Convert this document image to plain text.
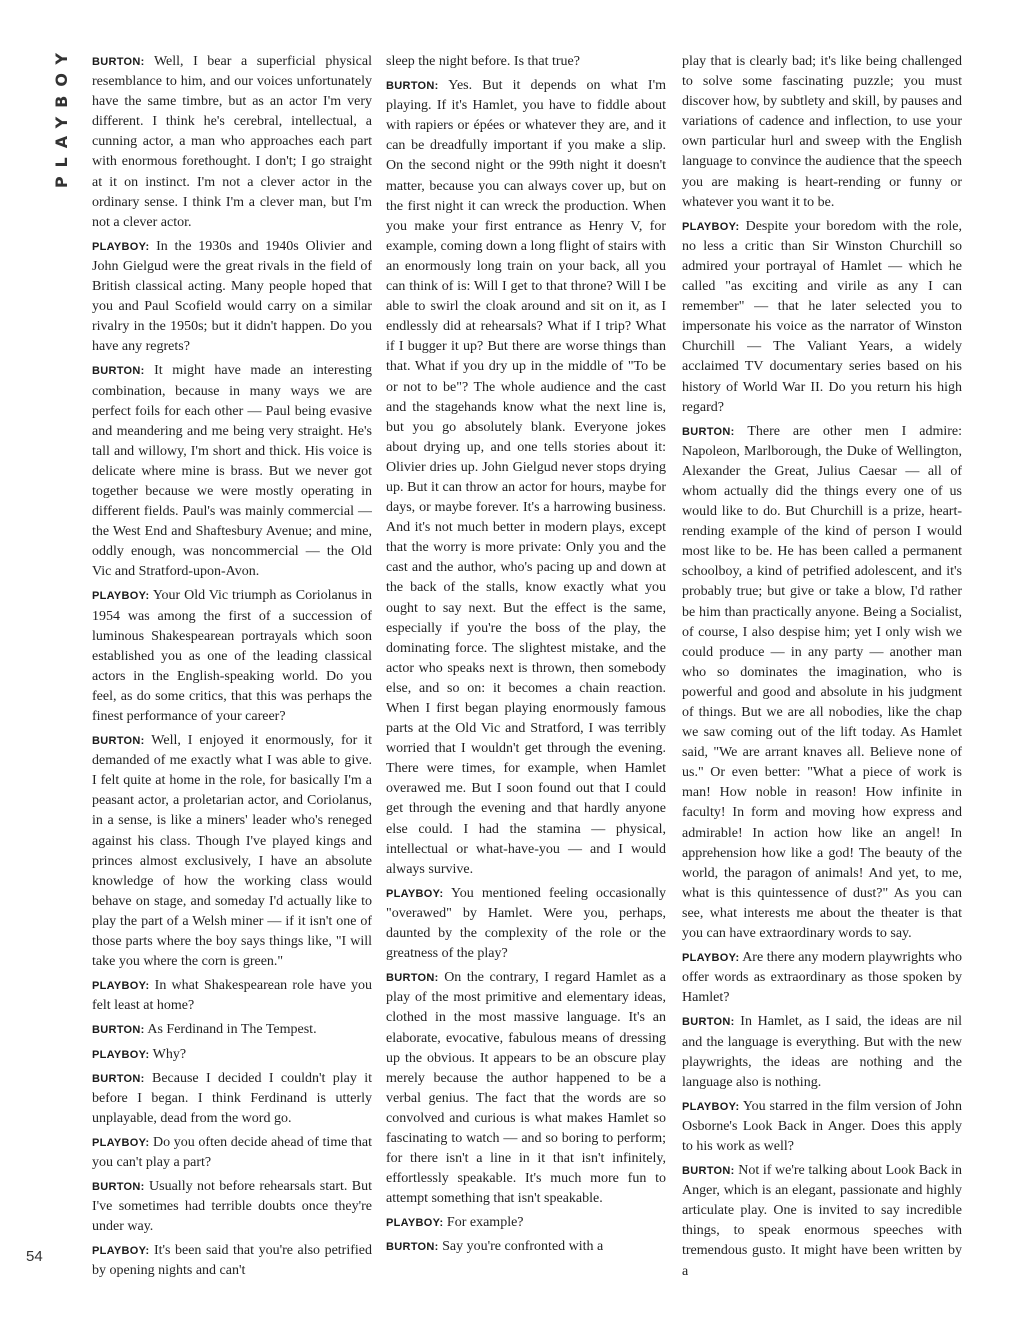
PLAYBOY
54

BURTON: Well, I bear a superficial physical resemblance to him, and our voices unfortunately have the same timbre, but as an actor I'm very different. I think he's cerebral, intellectual, a cunning actor, a man who approaches each part with enormous forethought. I don't; I go straight at it on instinct. I'm not a clever actor in the ordinary sense. I think I'm a clever man, but I'm not a clever actor.

PLAYBOY: In the 1930s and 1940s Olivier and John Gielgud were the great rivals in the field of British classical acting. Many people hoped that you and Paul Scofield would carry on a similar rivalry in the 1950s; but it didn't happen. Do you have any regrets?

BURTON: It might have made an interesting combination, because in many ways we are perfect foils for each other — Paul being evasive and meandering and me being very straight. He's tall and willowy, I'm short and thick. His voice is delicate where mine is brass. But we never got together because we were mostly operating in different fields. Paul's was mainly commercial — the West End and Shaftesbury Avenue; and mine, oddly enough, was noncommercial — the Old Vic and Stratford-upon-Avon.

PLAYBOY: Your Old Vic triumph as Coriolanus in 1954 was among the first of a succession of luminous Shakespearean portrayals which soon established you as one of the leading classical actors in the English-speaking world. Do you feel, as do some critics, that this was perhaps the finest performance of your career?

BURTON: Well, I enjoyed it enormously, for it demanded of me exactly what I was able to give. I felt quite at home in the role, for basically I'm a peasant actor, a proletarian actor, and Coriolanus, in a sense, is like a miners' leader who's reneged against his class. Though I've played kings and princes almost exclusively, I have an absolute knowledge of how the working class would behave on stage, and someday I'd actually like to play the part of a Welsh miner — if it isn't one of those parts where the boy says things like, "I will take you where the corn is green."

PLAYBOY: In what Shakespearean role have you felt least at home?

BURTON: As Ferdinand in The Tempest.

PLAYBOY: Why?

BURTON: Because I decided I couldn't play it before I began. I think Ferdinand is utterly unplayable, dead from the word go.

PLAYBOY: Do you often decide ahead of time that you can't play a part?

BURTON: Usually not before rehearsals start. But I've sometimes had terrible doubts once they're under way.

PLAYBOY: It's been said that you're also petrified by opening nights and can't

sleep the night before. Is that true?

BURTON: Yes. But it depends on what I'm playing. If it's Hamlet, you have to fiddle about with rapiers or épées or whatever they are, and it can be dreadfully important if you make a slip. On the second night or the 99th night it doesn't matter, because you can always cover up, but on the first night it can wreck the production. When you make your first entrance as Henry V, for example, coming down a long flight of stairs with an enormously long train on your back, all you can think of is: Will I get to that throne? Will I be able to swirl the cloak around and sit on it, as I endlessly did at rehearsals? What if I trip? What if I bugger it up? But there are worse things than that. What if you dry up in the middle of "To be or not to be"? The whole audience and the cast and the stagehands know what the next line is, but you go absolutely blank. Everyone jokes about drying up, and one tells stories about it: Olivier dries up. John Gielgud never stops drying up. But it can throw an actor for hours, maybe for days, or maybe forever. It's a harrowing business. And it's not much better in modern plays, except that the worry is more private: Only you and the cast and the author, who's pacing up and down at the back of the stalls, know exactly what you ought to say next. But the effect is the same, especially if you're the boss of the play, the dominating force. The slightest mistake, and the actor who speaks next is thrown, then somebody else, and so on: it becomes a chain reaction. When I first began playing enormously famous parts at the Old Vic and Stratford, I was terribly worried that I wouldn't get through the evening. There were times, for example, when Hamlet overawed me. But I soon found out that I could get through the evening and that hardly anyone else could. I had the stamina — physical, intellectual or what-have-you — and I would always survive.

PLAYBOY: You mentioned feeling occasionally "overawed" by Hamlet. Were you, perhaps, daunted by the complexity of the role or the greatness of the play?

BURTON: On the contrary, I regard Hamlet as a play of the most primitive and elementary ideas, clothed in the most massive language. It's an elaborate, evocative, fabulous means of dressing up the obvious. It appears to be an obscure play merely because the author happened to be a verbal genius. The fact that the words are so convolved and curious is what makes Hamlet so fascinating to watch — and so boring to perform; for there isn't a line in it that isn't infinitely, effortlessly speakable. It's much more fun to attempt something that isn't speakable.

PLAYBOY: For example?

BURTON: Say you're confronted with a

play that is clearly bad; it's like being challenged to solve some fascinating puzzle; you must discover how, by subtlety and skill, by pauses and variations of cadence and inflection, to use your own particular hurl and sweep with the English language to convince the audience that the speech you are making is heart-rending or funny or whatever you want it to be.

PLAYBOY: Despite your boredom with the role, no less a critic than Sir Winston Churchill so admired your portrayal of Hamlet — which he called "as exciting and virile as any I can remember" — that he later selected you to impersonate his voice as the narrator of Winston Churchill — The Valiant Years, a widely acclaimed TV documentary series based on his history of World War II. Do you return his high regard?

BURTON: There are other men I admire: Napoleon, Marlborough, the Duke of Wellington, Alexander the Great, Julius Caesar — all of whom actually did the things every one of us would like to do. But Churchill is a prize, heart-rending example of the kind of person I would most like to be. He has been called a permanent schoolboy, a kind of petrified adolescent, and it's probably true; but give or take a blow, I'd rather be him than practically anyone. Being a Socialist, of course, I also despise him; yet I only wish we could produce — in any party — another man who so dominates the imagination, who is powerful and good and absolute in his judgment of things. But we are all nobodies, like the chap we saw coming out of the lift today. As Hamlet said, "We are arrant knaves all. Believe none of us." Or even better: "What a piece of work is man! How noble in reason! How infinite in faculty! In form and moving how express and admirable! In action how like an angel! In apprehension how like a god! The beauty of the world, the paragon of animals! And yet, to me, what is this quintessence of dust?" As you can see, what interests me about the theater is that you can have extraordinary words to say.

PLAYBOY: Are there any modern playwrights who offer words as extraordinary as those spoken by Hamlet?

BURTON: In Hamlet, as I said, the ideas are nil and the language is everything. But with the new playwrights, the ideas are nothing and the language also is nothing.

PLAYBOY: You starred in the film version of John Osborne's Look Back in Anger. Does this apply to his work as well?

BURTON: Not if we're talking about Look Back in Anger, which is an elegant, passionate and highly articulate play. One is invited to say incredible things, to speak enormous speeches with tremendous gusto. It might have been written by a
